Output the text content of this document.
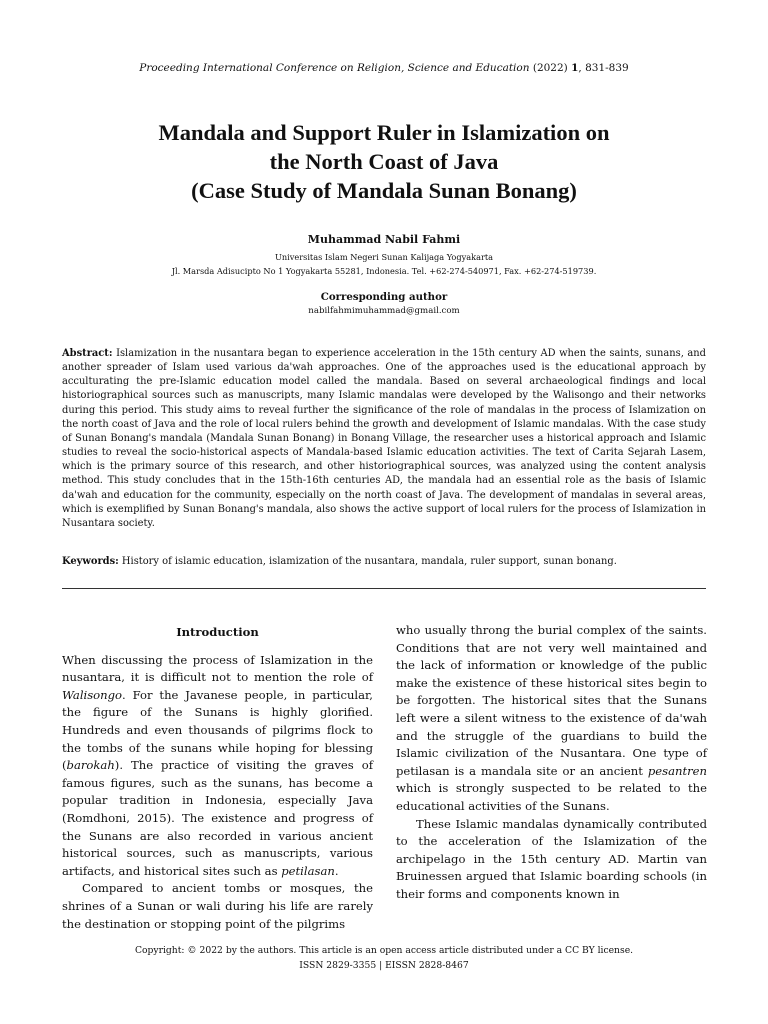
Proceeding International Conference on Religion, Science and Education (2022) 1, 831-839
Mandala and Support Ruler in Islamization on
the North Coast of Java
(Case Study of Mandala Sunan Bonang)
Muhammad Nabil Fahmi
Universitas Islam Negeri Sunan Kalijaga Yogyakarta
Jl. Marsda Adisucipto No 1 Yogyakarta 55281, Indonesia. Tel. +62-274-540971, Fax. +62-274-519739.
Corresponding author
nabilfahmimuhammad@gmail.com

Abstract: Islamization in the nusantara began to experience acceleration in the 15th century AD when the saints, sunans, and another spreader of Islam used various da'wah approaches. One of the approaches used is the educational approach by acculturating the pre-Islamic education model called the mandala. Based on several archaeological findings and local historiographical sources such as manuscripts, many Islamic mandalas were developed by the Walisongo and their networks during this period. This study aims to reveal further the significance of the role of mandalas in the process of Islamization on the north coast of Java and the role of local rulers behind the growth and development of Islamic mandalas. With the case study of Sunan Bonang's mandala (Mandala Sunan Bonang) in Bonang Village, the researcher uses a historical approach and Islamic studies to reveal the socio-historical aspects of Mandala-based Islamic education activities. The text of Carita Sejarah Lasem, which is the primary source of this research, and other historiographical sources, was analyzed using the content analysis method. This study concludes that in the 15th-16th centuries AD, the mandala had an essential role as the basis of Islamic da'wah and education for the community, especially on the north coast of Java. The development of mandalas in several areas, which is exemplified by Sunan Bonang's mandala, also shows the active support of local rulers for the process of Islamization in Nusantara society.

Keywords: History of islamic education, islamization of the nusantara, mandala, ruler support, sunan bonang.

Introduction

When discussing the process of Islamization in the nusantara, it is difficult not to mention the role of Walisongo. For the Javanese people, in particular, the figure of the Sunans is highly glorified. Hundreds and even thousands of pilgrims flock to the tombs of the sunans while hoping for blessing (barokah). The practice of visiting the graves of famous figures, such as the sunans, has become a popular tradition in Indonesia, especially Java (Romdhoni, 2015). The existence and progress of the Sunans are also recorded in various ancient historical sources, such as manuscripts, various artifacts, and historical sites such as petilasan.

Compared to ancient tombs or mosques, the shrines of a Sunan or wali during his life are rarely the destination or stopping point of the pilgrims

who usually throng the burial complex of the saints. Conditions that are not very well maintained and the lack of information or knowledge of the public make the existence of these historical sites begin to be forgotten. The historical sites that the Sunans left were a silent witness to the existence of da'wah and the struggle of the guardians to build the Islamic civilization of the Nusantara. One type of petilasan is a mandala site or an ancient pesantren which is strongly suspected to be related to the educational activities of the Sunans.

These Islamic mandalas dynamically contributed to the acceleration of the Islamization of the archipelago in the 15th century AD. Martin van Bruinessen argued that Islamic boarding schools (in their forms and components known in

Copyright: © 2022 by the authors. This article is an open access article distributed under a CC BY license.
ISSN 2829-3355 | EISSN 2828-8467
